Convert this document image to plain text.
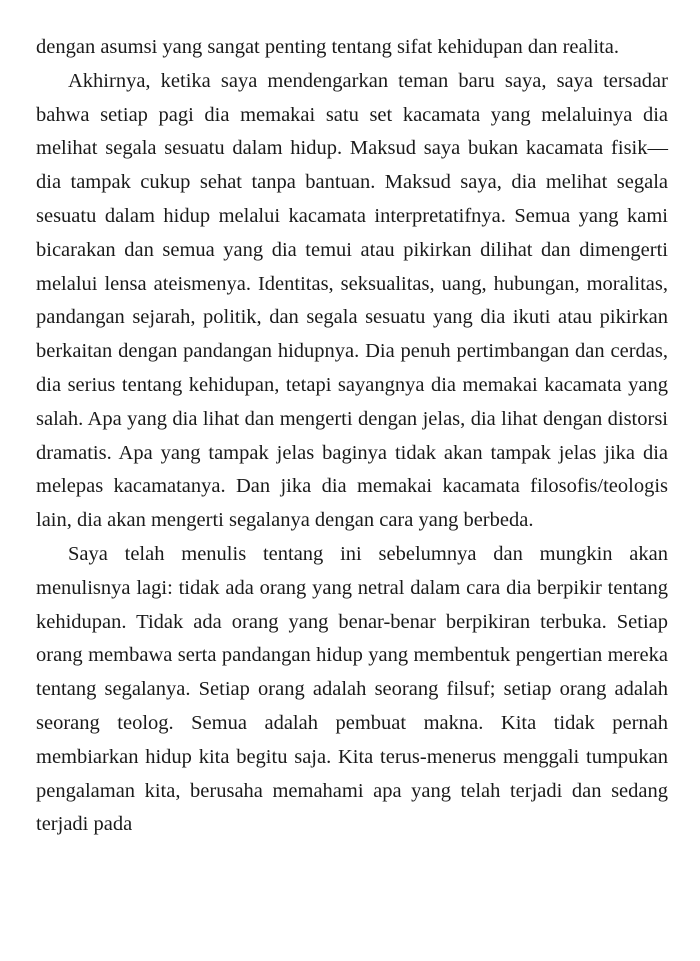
dengan asumsi yang sangat penting tentang sifat kehidupan dan realita.

Akhirnya, ketika saya mendengarkan teman baru saya, saya tersadar bahwa setiap pagi dia memakai satu set kacamata yang melaluinya dia melihat segala sesuatu dalam hidup. Maksud saya bukan kacamata fisik—dia tampak cukup sehat tanpa bantuan. Maksud saya, dia melihat segala sesuatu dalam hidup melalui kacamata interpretatifnya. Semua yang kami bicarakan dan semua yang dia temui atau pikirkan dilihat dan dimengerti melalui lensa ateismenya. Identitas, seksualitas, uang, hubungan, moralitas, pandangan sejarah, politik, dan segala sesuatu yang dia ikuti atau pikirkan berkaitan dengan pandangan hidupnya. Dia penuh pertimbangan dan cerdas, dia serius tentang kehidupan, tetapi sayangnya dia memakai kacamata yang salah. Apa yang dia lihat dan mengerti dengan jelas, dia lihat dengan distorsi dramatis. Apa yang tampak jelas baginya tidak akan tampak jelas jika dia melepas kacamatanya. Dan jika dia memakai kacamata filosofis/teologis lain, dia akan mengerti segalanya dengan cara yang berbeda.

Saya telah menulis tentang ini sebelumnya dan mungkin akan menulisnya lagi: tidak ada orang yang netral dalam cara dia berpikir tentang kehidupan. Tidak ada orang yang benar-benar berpikiran terbuka. Setiap orang membawa serta pandangan hidup yang membentuk pengertian mereka tentang segalanya. Setiap orang adalah seorang filsuf; setiap orang adalah seorang teolog. Semua adalah pembuat makna. Kita tidak pernah membiarkan hidup kita begitu saja. Kita terus-menerus menggali tumpukan pengalaman kita, berusaha memahami apa yang telah terjadi dan sedang terjadi pada
